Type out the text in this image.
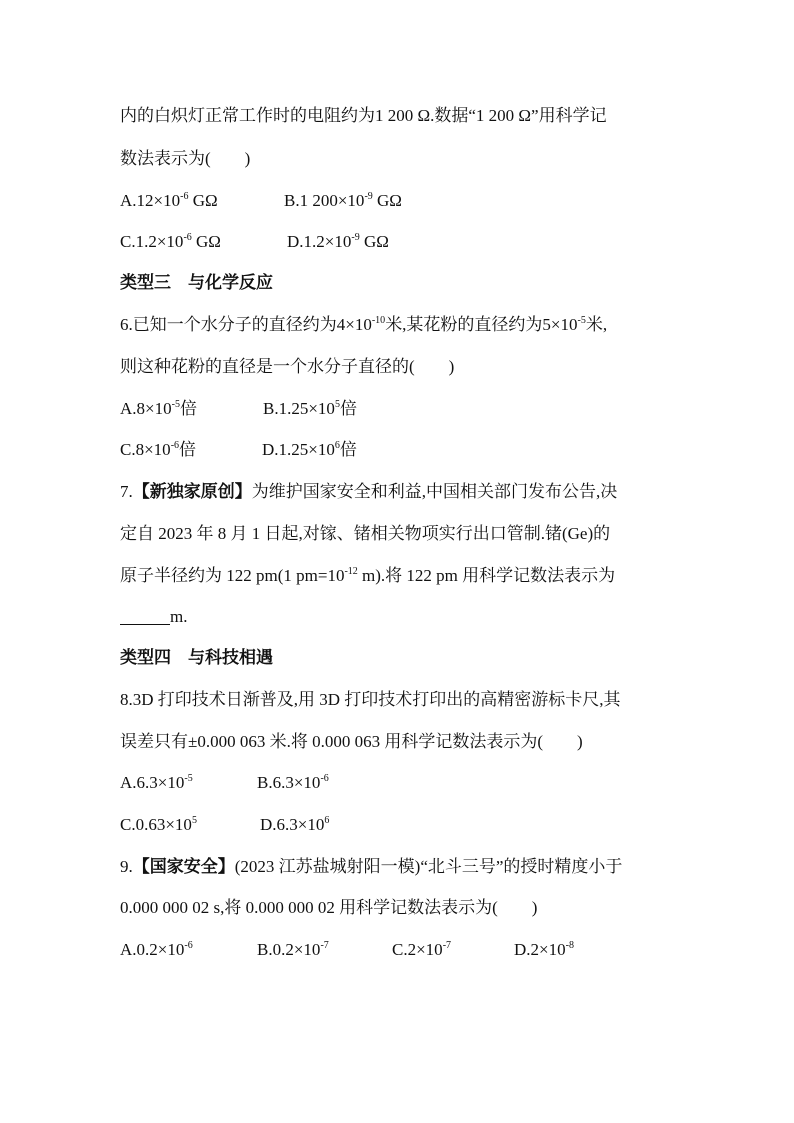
内的白炽灯正常工作时的电阻约为1 200 Ω.数据“1 200 Ω”用科学记
数法表示为(　　)
$A.12\times 10^{-6}$ GΩ	B.1 $200\times 10^{-9}$ GΩ
$C.1.2\times 10^{-6}$ GΩ	$D.1.2\times 10^{-9}$ GΩ
类型三　与化学反应
6.已知一个水分子的直径约为$4\times 10^{-10}$米,某花粉的直径约为$5\times 10^{-5}$米,
则这种花粉的直径是一个水分子直径的(　　)
$A.8\times 10^{-5}$倍	$B.1.25\times 10^5$倍
$C.8\times 10^{-6}$倍	$D.1.25\times 10^6$倍
7.【新独家原创】为维护国家安全和利益,中国相关部门发布公告,决
定自 2023 年 8 月 1 日起,对镓、锗相关物项实行出口管制.锗(Ge)的
原子半径约为 122 pm(1 $pm=10^{-12}$ m).将 122 pm 用科学记数法表示为
m.
类型四　与科技相遇
8.3D 打印技术日渐普及,用 3D 打印技术打印出的高精密游标卡尺,其
误差只有±0.000 063 米.将 0.000 063 用科学记数法表示为(　　)
$A.6.3\times 10^{-5}$	$B.6.3\times 10^{-6}$
$C.0.63\times 10^5$	$D.6.3\times 10^6$
9.【国家安全】(2023 江苏盐城射阳一模)“北斗三号”的授时精度小于
0.000 000 02 s,将 0.000 000 02 用科学记数法表示为(　　)
$A.0.2\times 10^{-6}$	$B.0.2\times 10^{-7}$	$C.2\times 10^{-7}$	$D.2\times 10^{-8}$
